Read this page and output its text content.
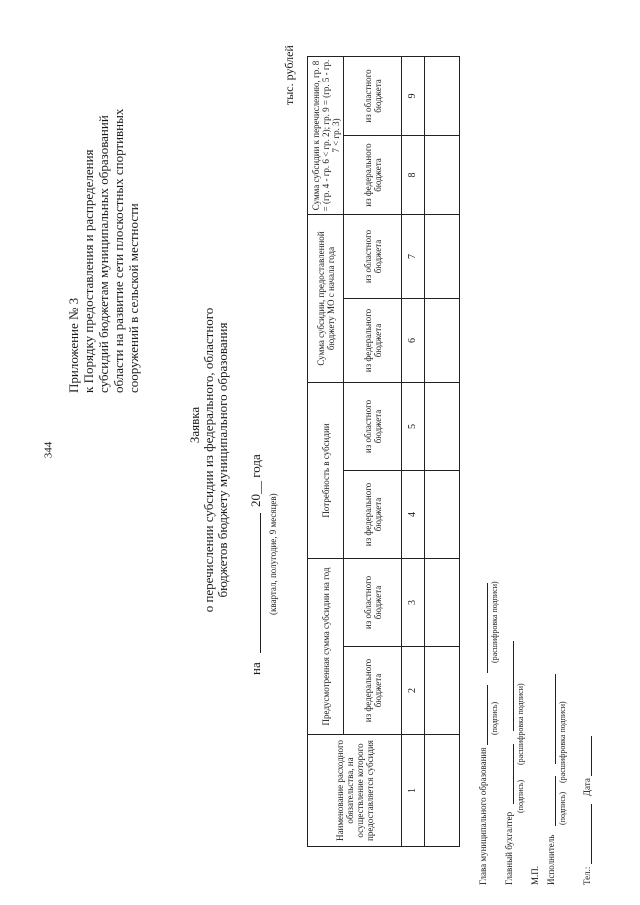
344
Приложение № 3 к Порядку предоставления и распределения субсидий бюджетам муниципальных образований области на развитие сети плоскостных спортивных сооружений в сельской местности
Заявка о перечислении субсидии из федерального, областного бюджетов бюджету муниципального образования
на
20__ года
(квартал, полугодие, 9 месяцев)
тыс. рублей
Наименование расходного обязательства, на осуществление которого предоставляется субсидия	Предусмотренная сумма субсидии на год		Потребность в субсидии		Сумма субсидии, предоставленной бюджету МО с начала года		Сумма субсидии к перечислению, гр. 8 = (гр. 4 - гр. 6 < гр. 2); гр. 9 = (гр. 5 - гр. 7 < гр. 3)	
	из федерального бюджета	из областного бюджета	из федерального бюджета	из областного бюджета	из федерального бюджета	из областного бюджета	из федерального бюджета	из областного бюджета
1	2	3	4	5	6	7	8	9

Глава муниципального образования
(подпись)
(расшифровка подписи)
Главный бухгалтер
(подпись)
(расшифровка подписи)
М.П. Исполнитель
(подпись)
(расшифровка подписи)
Тел.:  Дата
